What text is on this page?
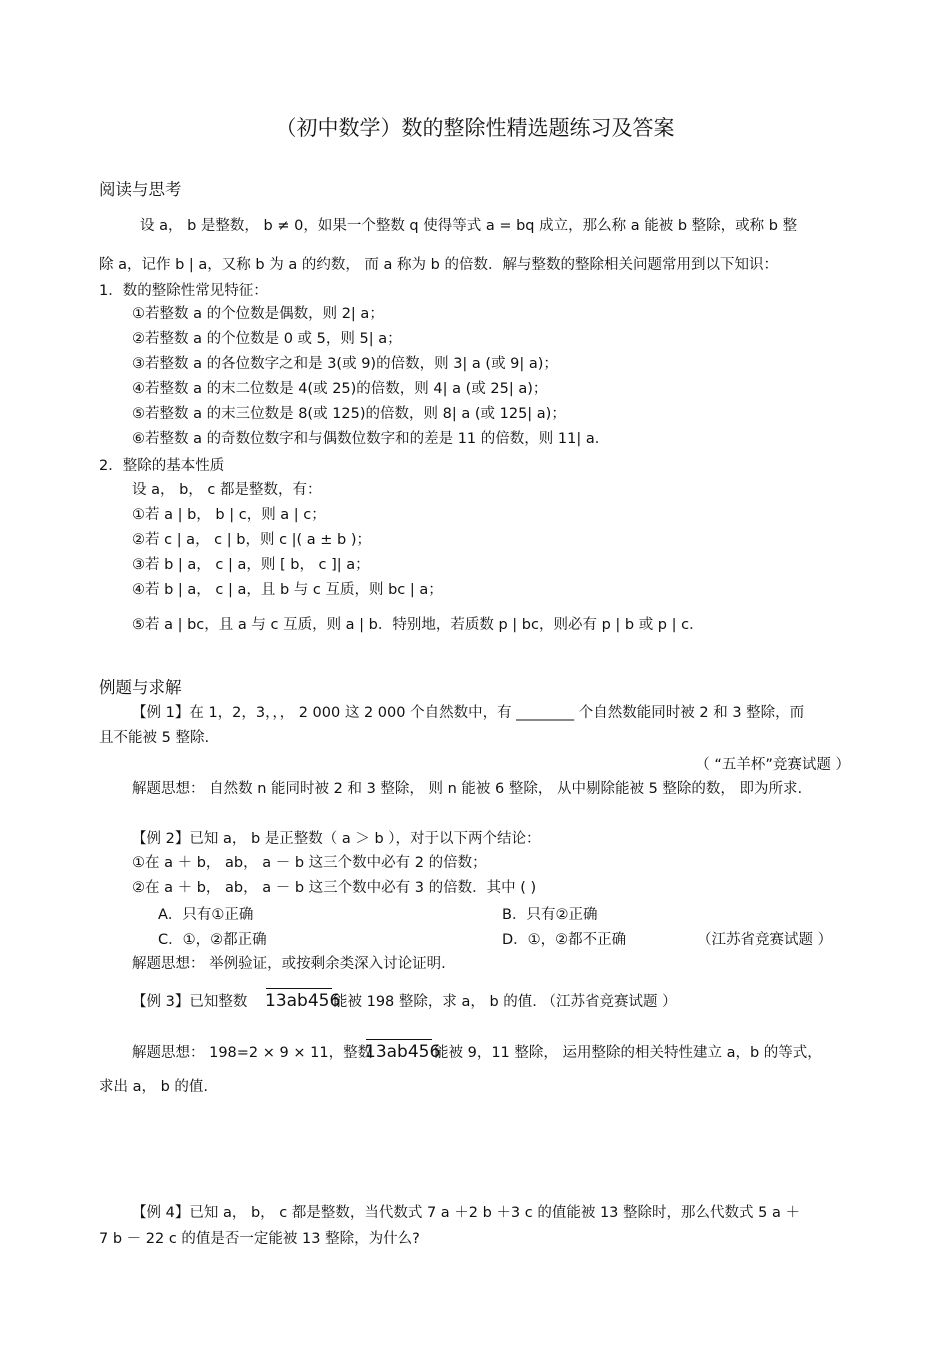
（初中数学）数的整除性精选题练习及答案
阅读与思考
设 a， b 是整数， b ≠ 0，如果一个整数 q 使得等式 a = bq 成立，那么称 a 能被 b 整除，或称 b 整
除 a，记作 b | a，又称 b 为 a 的约数， 而 a 称为 b 的倍数．解与整数的整除相关问题常用到以下知识：
1．数的整除性常见特征：
①若整数 a 的个位数是偶数，则 2| a；
②若整数 a 的个位数是 0 或 5，则 5| a；
③若整数 a 的各位数字之和是 3(或 9)的倍数，则 3| a (或 9| a)；
④若整数 a 的末二位数是 4(或 25)的倍数，则 4| a (或 25| a)；
⑤若整数 a 的末三位数是 8(或 125)的倍数，则 8| a (或 125| a)；
⑥若整数 a 的奇数位数字和与偶数位数字和的差是 11 的倍数，则 11| a．
2．整除的基本性质
设 a， b， c 都是整数，有：
①若 a | b， b | c，则 a | c；
②若 c | a， c | b，则 c |( a ± b )；
③若 b | a， c | a，则 [ b， c ]| a；
④若 b | a， c | a，且 b 与 c 互质，则 bc | a；
⑤若 a | bc，且 a 与 c 互质，则 a | b．特别地，若质数 p | bc，则必有 p | b 或 p | c．
例题与求解
【例 1】在 1，2，3，，， 2 000 这 2 000 个自然数中，有 ________ 个自然数能同时被 2 和 3 整除，而
且不能被 5 整除.
（ “五羊杯”竞赛试题 ）
解题思想： 自然数 n 能同时被 2 和 3 整除， 则 n 能被 6 整除， 从中剔除能被 5 整除的数， 即为所求.
【例 2】已知 a， b 是正整数（ a ＞ b ），对于以下两个结论：
①在 a ＋ b， ab， a － b 这三个数中必有 2 的倍数；
②在 a ＋ b， ab， a － b 这三个数中必有 3 的倍数．其中 ( )
A．只有①正确	B．只有②正确
C．①，②都正确	D．①，②都不正确	（江苏省竞赛试题 ）
解题思想： 举例验证，或按剩余类深入讨论证明.
【例 3】已知整数 13ab456
能被 198 整除，求 a， b 的值. （江苏省竞赛试题 ）
解题思想： 198=2 × 9 × 11，整数
13ab456
能被 9，11 整除， 运用整除的相关特性建立 a，b 的等式，
求出 a， b 的值.
【例 4】已知 a， b， c 都是整数，当代数式 7 a ＋2 b ＋3 c 的值能被 13 整除时，那么代数式 5 a ＋
7 b － 22 c 的值是否一定能被 13 整除，为什么?
